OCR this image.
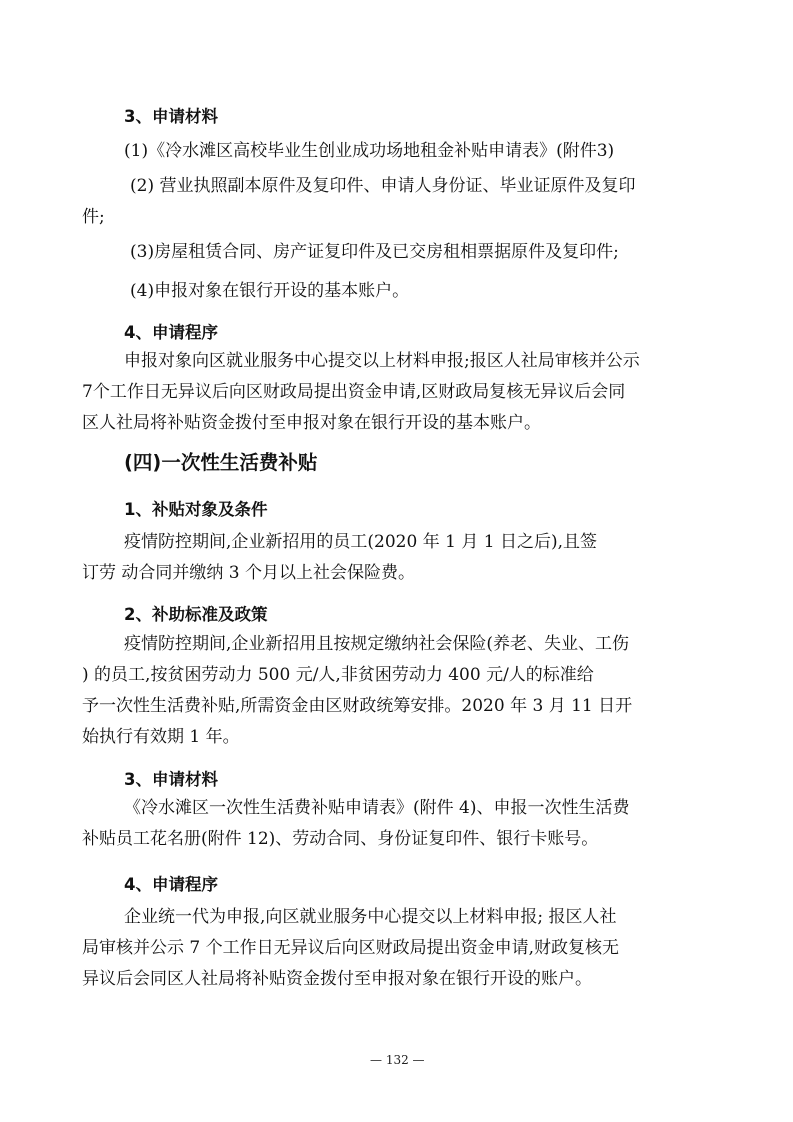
3、申请材料
(1)《冷水滩区高校毕业生创业成功场地租金补贴申请表》(附件3)
(2) 营业执照副本原件及复印件、申请人身份证、毕业证原件及复印
件;
(3)房屋租赁合同、房产证复印件及已交房租相票据原件及复印件;
(4)申报对象在银行开设的基本账户。
4、申请程序
申报对象向区就业服务中心提交以上材料申报;报区人社局审核并公示
7个工作日无异议后向区财政局提出资金申请,区财政局复核无异议后会同
区人社局将补贴资金拨付至申报对象在银行开设的基本账户。
(四)一次性生活费补贴
1、补贴对象及条件
疫情防控期间,企业新招用的员工(2020 年 1 月 1 日之后),且签
订劳 动合同并缴纳 3 个月以上社会保险费。
2、补助标准及政策
疫情防控期间,企业新招用且按规定缴纳社会保险(养老、失业、工伤
) 的员工,按贫困劳动力 500 元/人,非贫困劳动力 400 元/人的标准给
予一次性生活费补贴,所需资金由区财政统筹安排。2020 年 3 月 11 日开
始执行有效期 1 年。
3、申请材料
《冷水滩区一次性生活费补贴申请表》(附件 4)、申报一次性生活费
补贴员工花名册(附件 12)、劳动合同、身份证复印件、银行卡账号。
4、申请程序
企业统一代为申报,向区就业服务中心提交以上材料申报; 报区人社
局审核并公示 7 个工作日无异议后向区财政局提出资金申请,财政复核无
异议后会同区人社局将补贴资金拨付至申报对象在银行开设的账户。
— 132 —
